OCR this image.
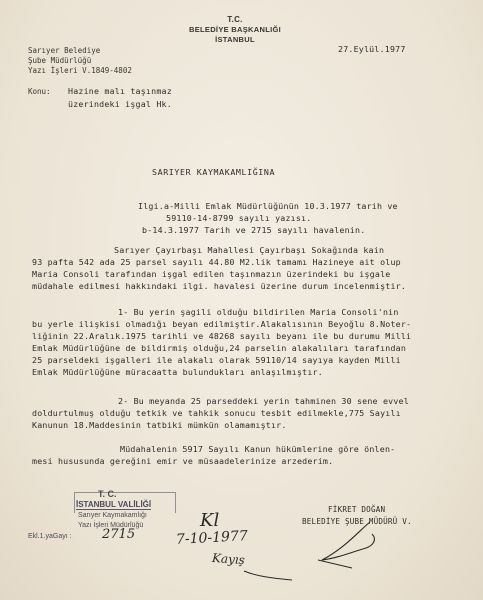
T.C.
BELEDİYE BAŞKANLIĞI
İSTANBUL
Sarıyer Belediye
Şube Müdürlüğü
Yazı İşleri V.1849-4802
27.Eylül.1977
Konu: Hazine malı taşınmaz
üzerindeki işgal Hk.
SARIYER KAYMAKAMLIĞINA
Ilgi.a-Milli Emlak Müdürlüğünün 10.3.1977 tarih ve
59110-14-8799 sayılı yazısı.
b-14.3.1977 Tarih ve 2715 sayılı havalenin.
Sarıyer Çayırbaşı Mahallesi Çayırbaşı Sokağında kain
93 pafta 542 ada 25 parsel sayılı 44.80 M2.lik tamamı Hazineye ait olup
Maria Consoli tarafından işgal edilen taşınmazın üzerindeki bu işgale
müdahale edilmesi hakkındaki ilgi. havalesi üzerine durum incelenmiştir.
1- Bu yerin şagili olduğu bildirilen Maria Consoli'nin
bu yerle ilişkisi olmadığı beyan edilmiştir.Alakalısının Beyoğlu 8.Noter-
liğinin 22.Aralık.1975 tarihli ve 48268 sayılı beyanı ile bu durumu Milli
Emlak Müdürlüğüne de bildirmiş olduğu,24 parselin alakalıları tarafından
25 parseldeki işgalleri ile alakalı olarak 59110/14 sayıya kayden Milli
Emlak Müdürlüğüne müracaatta bulundukları anlaşılmıştır.
2- Bu meyanda 25 parseddeki yerin tahminen 30 sene evvel
doldurtulmuş olduğu tetkik ve tahkik sonucu tesbit edilmekle,775 Sayılı
Kanunun 18.Maddesinin tatbiki mümkün olamamıştır.
Müdahalenin 5917 Sayılı Kanun hükümlerine göre önlen-
mesi hususunda gereğini emir ve müsaadelerinize arzederim.
FİKRET DOĞAN
BELEDİYE ŞUBE MÜDÜRÜ V.
T. C.
İSTANBUL VALİLİĞİ
Sarıyer Kaymakamlığı
Yazı İşleri Müdürlüğü
Ekl.1.yaGayı : 2715
Kl
7-10-1977
Kayış
